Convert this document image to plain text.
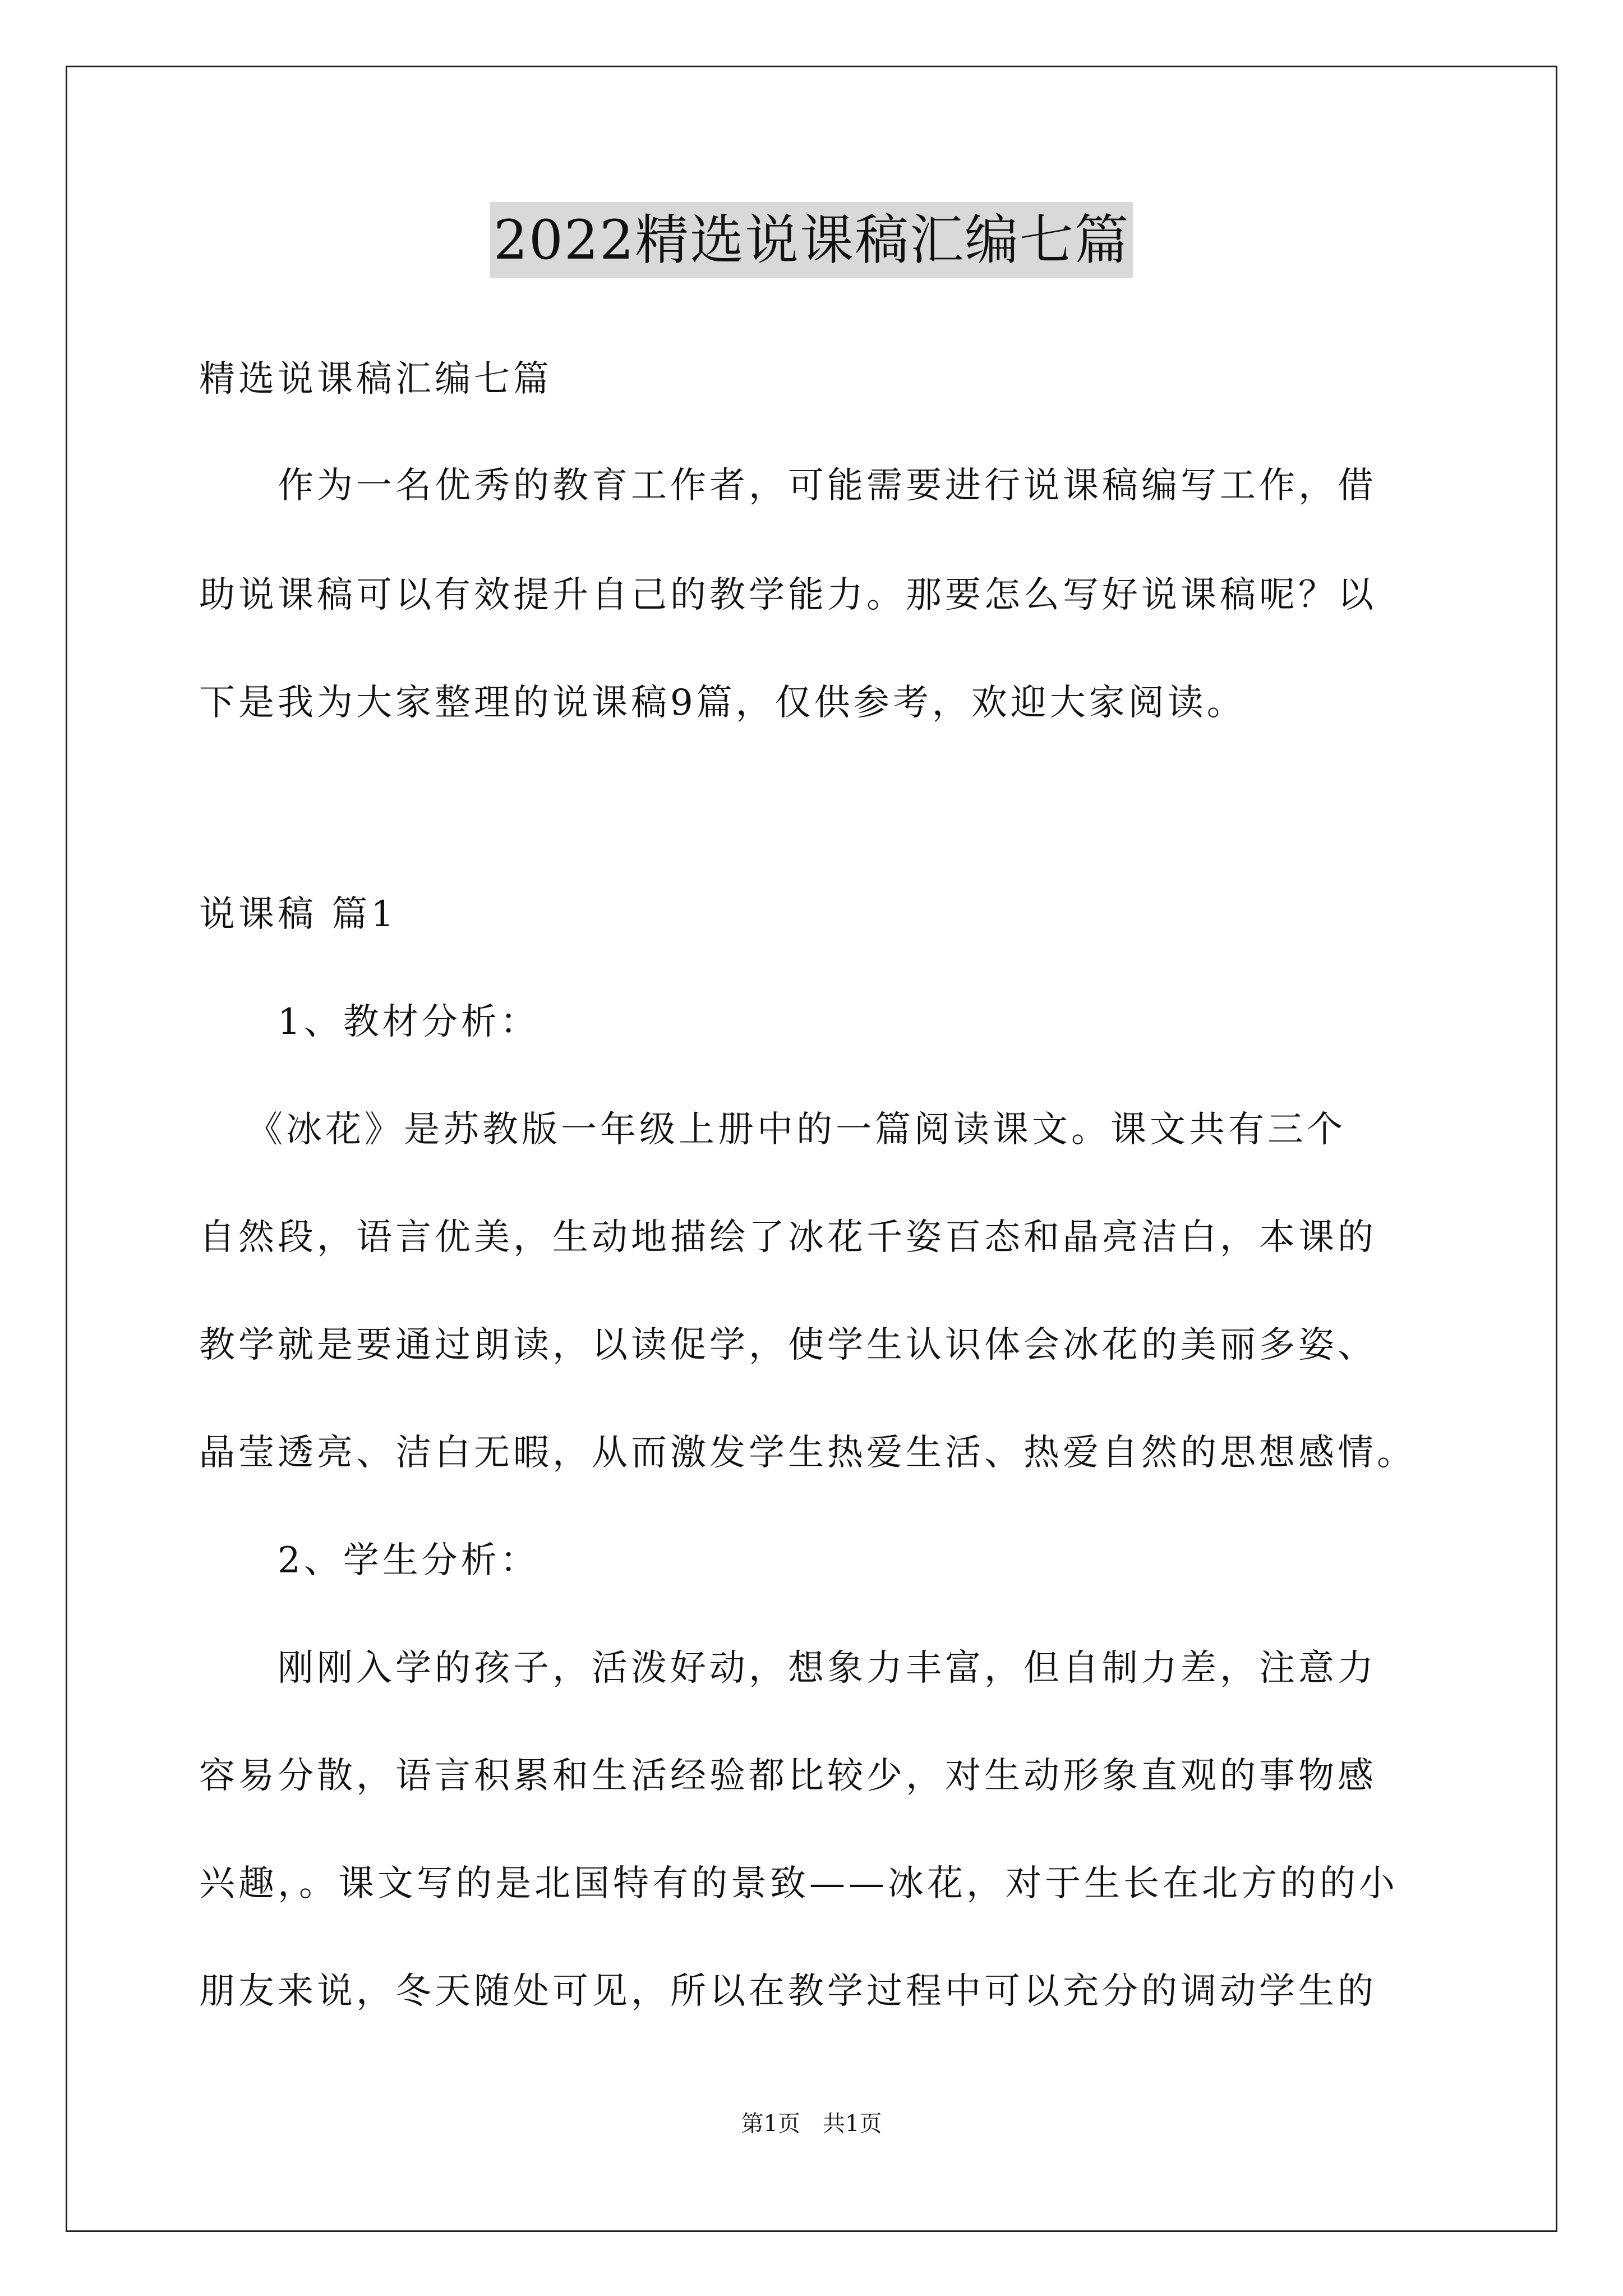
2022精选说课稿汇编七篇
精选说课稿汇编七篇
作为一名优秀的教育工作者，可能需要进行说课稿编写工作，借
助说课稿可以有效提升自己的教学能力。那要怎么写好说课稿呢？以
下是我为大家整理的说课稿9篇，仅供参考，欢迎大家阅读。
说课稿 篇1
1、教材分析：
《冰花》是苏教版一年级上册中的一篇阅读课文。课文共有三个
自然段，语言优美，生动地描绘了冰花千姿百态和晶亮洁白，本课的
教学就是要通过朗读，以读促学，使学生认识体会冰花的美丽多姿、
晶莹透亮、洁白无暇，从而激发学生热爱生活、热爱自然的思想感情。
2、学生分析：
刚刚入学的孩子，活泼好动，想象力丰富，但自制力差，注意力
容易分散，语言积累和生活经验都比较少，对生动形象直观的事物感
兴趣，。课文写的是北国特有的景致——冰花，对于生长在北方的的小
朋友来说，冬天随处可见，所以在教学过程中可以充分的调动学生的
第1页　共1页
